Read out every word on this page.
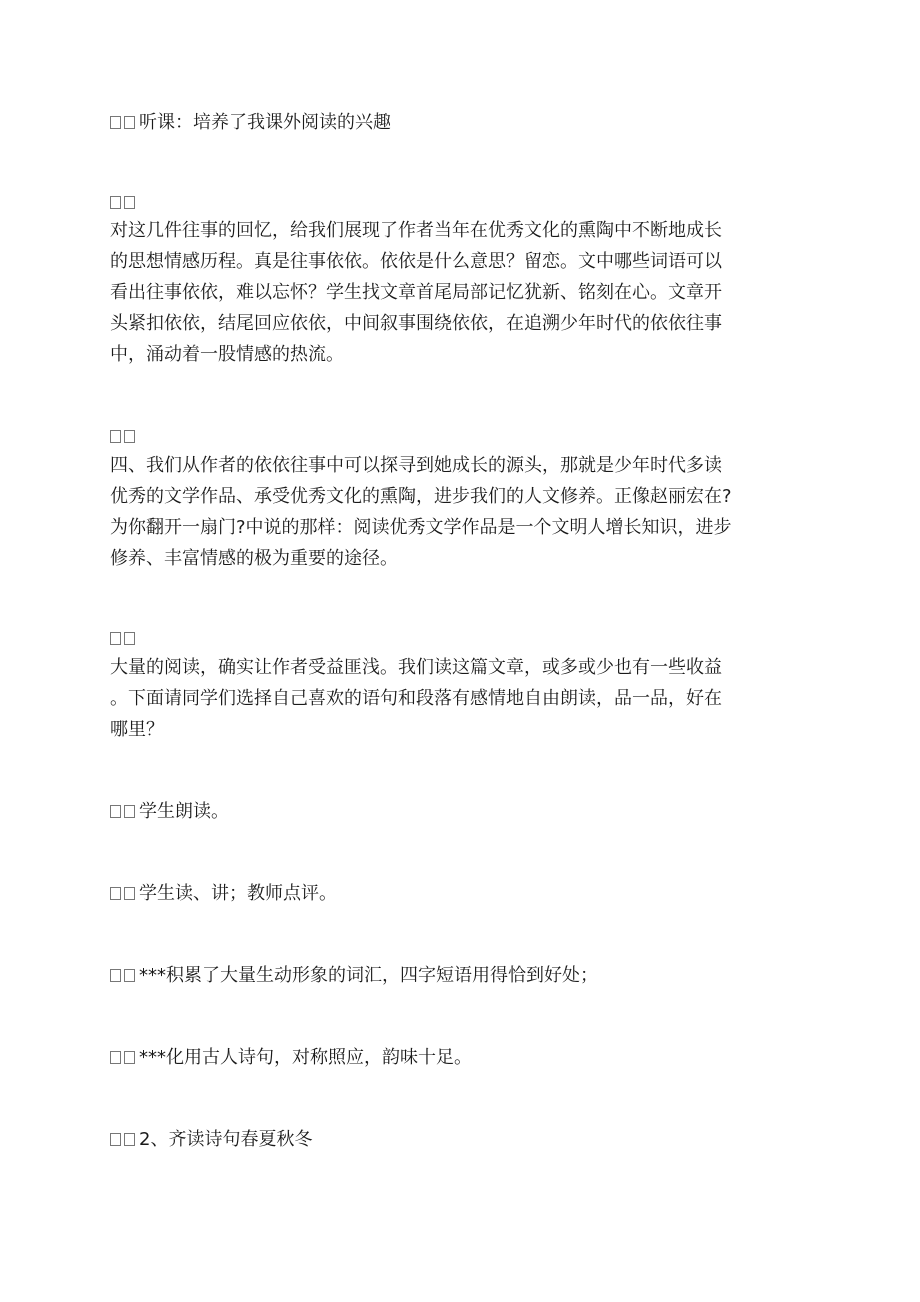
听课：培养了我课外阅读的兴趣
对这几件往事的回忆，给我们展现了作者当年在优秀文化的熏陶中不断地成长
的思想情感历程。真是往事依依。依依是什么意思？留恋。文中哪些词语可以
看出往事依依，难以忘怀？学生找文章首尾局部记忆犹新、铭刻在心。文章开
头紧扣依依，结尾回应依依，中间叙事围绕依依，在追溯少年时代的依依往事
中，涌动着一股情感的热流。
四、我们从作者的依依往事中可以探寻到她成长的源头，那就是少年时代多读
优秀的文学作品、承受优秀文化的熏陶，进步我们的人文修养。正像赵丽宏在?
为你翻开一扇门?中说的那样：阅读优秀文学作品是一个文明人增长知识，进步
修养、丰富情感的极为重要的途径。
大量的阅读，确实让作者受益匪浅。我们读这篇文章，或多或少也有一些收益
。下面请同学们选择自己喜欢的语句和段落有感情地自由朗读，品一品，好在
哪里？
学生朗读。
学生读、讲；教师点评。
***积累了大量生动形象的词汇，四字短语用得恰到好处；
***化用古人诗句，对称照应，韵味十足。
2、齐读诗句春夏秋冬
